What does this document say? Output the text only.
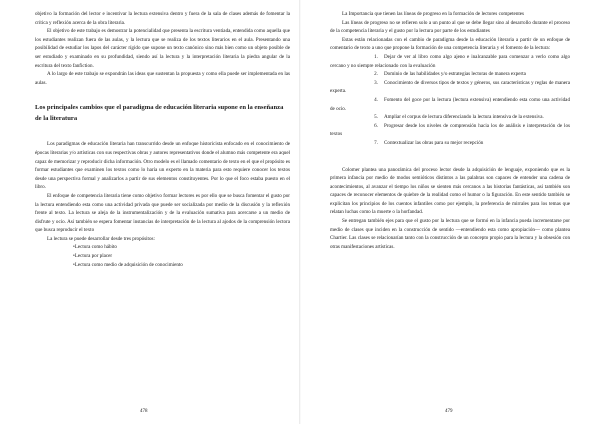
objetivo la formación del lector e incentivar la lectura extensiva dentro y fuera de la sala de clases además de fomentar la crítica y reflexión acerca de la obra literaria.

El objetivo de este trabajo es demostrar la potencialidad que presenta la escritura ventiada, entendida como aquella que los estudiantes realizan fuera de las aulas, y la lectura que se realiza de los textos literarios en el aula. Presentando una posibilidad de estudiar los lapos del carácter rígido que supone un texto canónico sino más bien como un objeto posible de ser estudiado y examinado en su profundidad, siendo así la lectura y la interpretación literaria la piedra angular de la escritura del texto fanfiction.

A lo largo de este trabajo se expondrán las ideas que sustentan la propuesta y como ella puede ser implementada en las aulas.

Los principales cambios que el paradigma de educación literaria supone en la enseñanza de la literatura

Los paradigmas de educación literaria han transcurrido desde un enfoque historicista enfocado en el conocimiento de épocas literarias y/o artísticas con sus respectivas obras y autores representativos donde el alumno más competente era aquel capaz de memorizar y reproducir dicha información. Otro modelo es el llamado comentario de texto en el que el propósito es formar estudiantes que examinen los textos como lo haría un experto en la materia para esto requiere conocer los textos desde una perspectiva formal y analizarlos a partir de sus elementos constituyentes. Por lo que el foco estaba puesto en el libro.

El enfoque de competencia literaria tiene como objetivo formar lectores es por ello que se busca fomentar el gusto por la lectura entendiendo esta como una actividad privada que puede ser socializada por medio de la discusión y la reflexión frente al texto. La lectura se aleja de la instrumentalización y de la evaluación sumativa para acercarse a un medio de disfrute y ocio. Así también se espera fomentar instancias de interpretación de la lectura al ajodos de la comprensión lectora que busca reproducir el texto

La lectura se puede desarrollar desde tres propósitos:

•Lectura como hábito
•Lectura por placer
•Lectura como medio de adquisición de conocimiento
478

La Importancia que tienen las líneas de progreso en la formación de lectores competentes

Las líneas de progreso no se refieren solo a un punto al que se debe llegar sino al desarrollo durante el proceso de la competencia literaria y el gusto por la lectura por parte de los estudiantes

Estas están relacionadas con el cambio de paradigma desde la educación literaria a partir de un enfoque de comentario de texto a uno que propone la formación de una competencia literaria y el fomento de la lectura:

1. Dejar de ver al libro como algo ajeno e inalcanzable para comenzar a verlo como algo cercano y no siempre relacionado con la evaluación
2. Dominio de las habilidades y/o estrategias lectoras de manera experta
3. Conocimiento de diversos tipos de textos y géneros, sus características y reglas de manera experta.
4. Fomento del goce por la lectura (lectura extensiva) entendiendo esta como una actividad de ocio.
5. Ampliar el corpus de lectura diferenciando la lectura intensiva de la extensiva.
6. Progresar desde los niveles de comprensión hacia los de análisis e interpretación de los textos
7. Contextualizar las obras para su mejor recepción

Colomer plantea una panorámica del proceso lector desde la adquisición de lenguaje, exponiendo que es la primera infancia por medio de modos semióticos distintos a las palabras son capaces de entender una cadena de acontecimientos, al avanzar el tiempo los niños se sienten más cercanos a las historias fantásticas, así también son capaces de reconocer elementos de quiebre de la realidad como el humor o la figuración. En este sentido también se explicitan los principios de los cuentos infantiles como por ejemplo, la preferencia de mirrales para los temas que relatan luchas como la muerte o la horfandad.

Se entregan también ejes para que el gusto por la lectura que se formó en la infancia pueda incrementarse por medio de clases que inciden en la construcción de sentido —entendiendo esta como apropiación— como plantea Chartier. Las clases se relacionarían tanto con la construcción de un concepto propio para la lectura y la obsesión con otras manifestaciones artísticas.

479
